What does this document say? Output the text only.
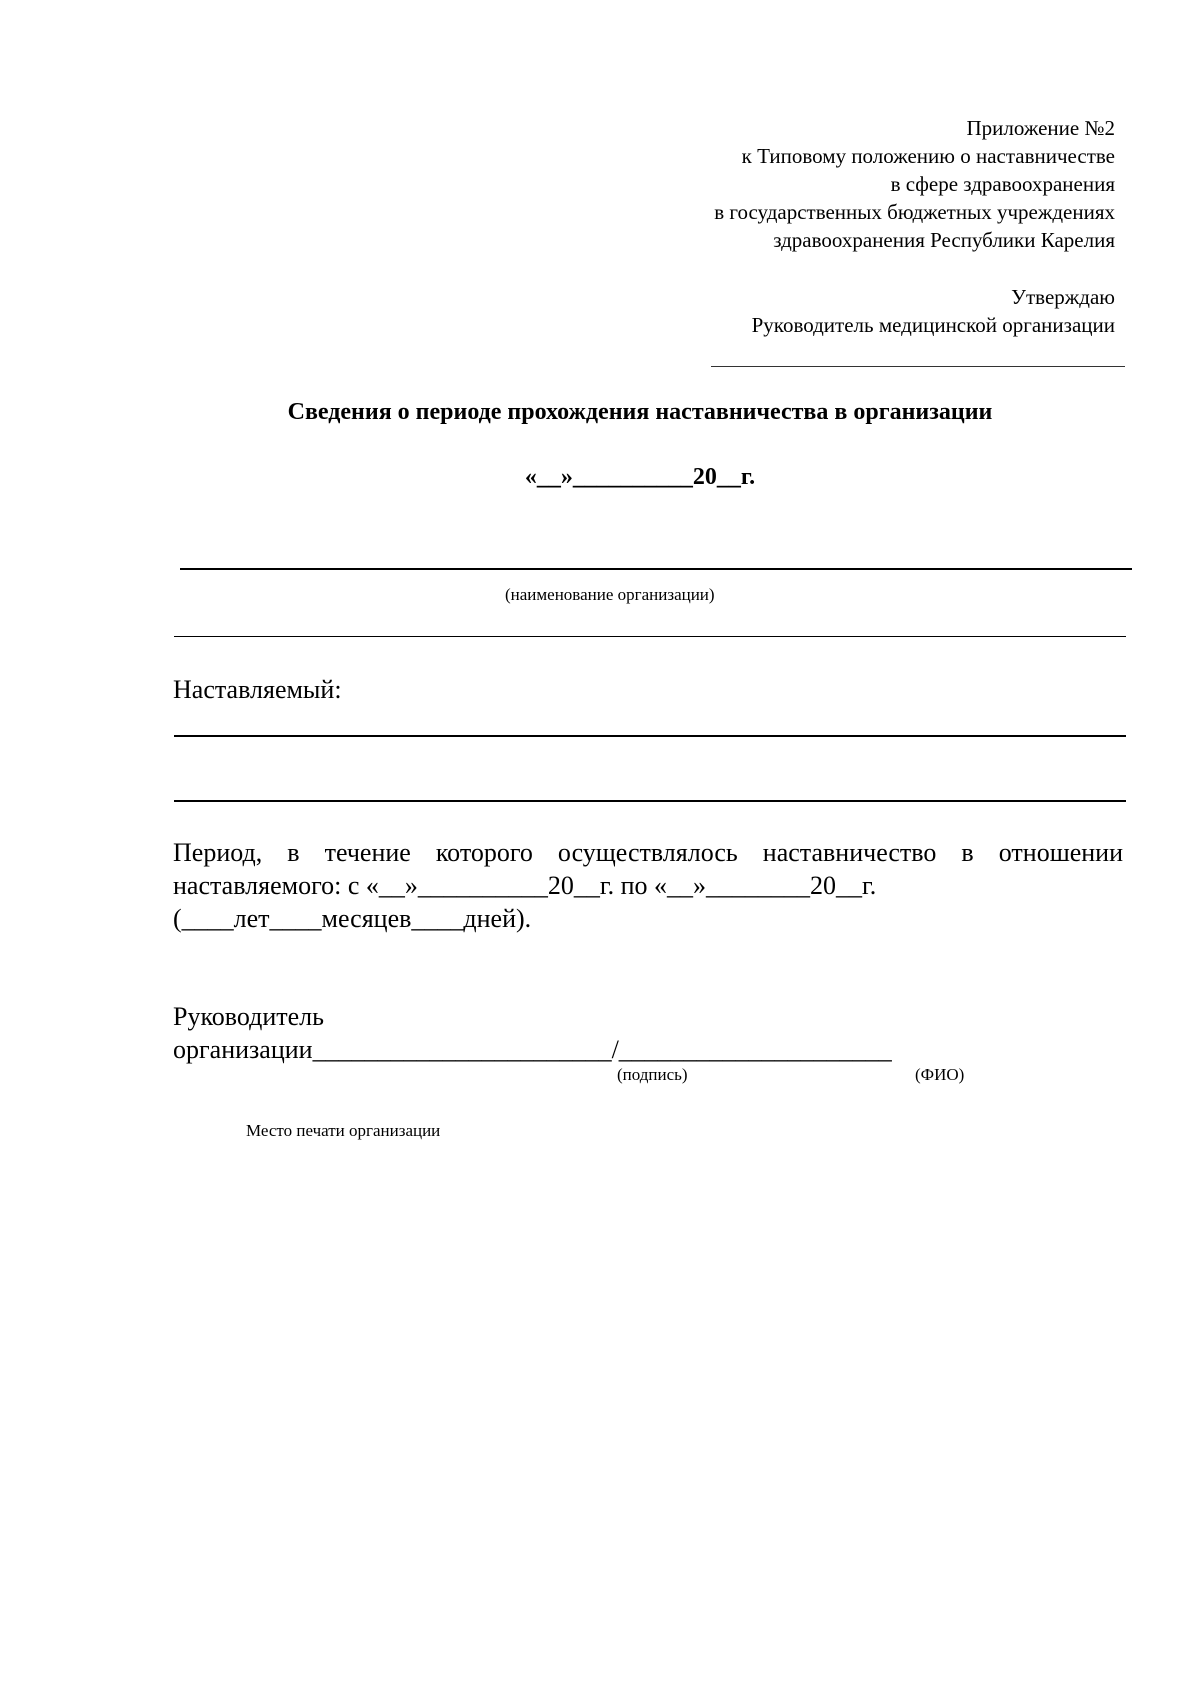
Приложение №2
к Типовому положению о наставничестве
в сфере здравоохранения
в государственных бюджетных учреждениях
здравоохранения Республики Карелия
Утверждаю
Руководитель медицинской организации
Сведения о периоде прохождения наставничества в организации
«__»__________20__г.
(наименование организации)
Наставляемый:
Период, в течение которого осуществлялось наставничество в отношении
наставляемого: с «__»__________20__г. по «__»________20__г.
(____лет____месяцев____дней).
Руководитель
организации_______________________/_____________________
(подпись)	(ФИО)
Место печати организации
